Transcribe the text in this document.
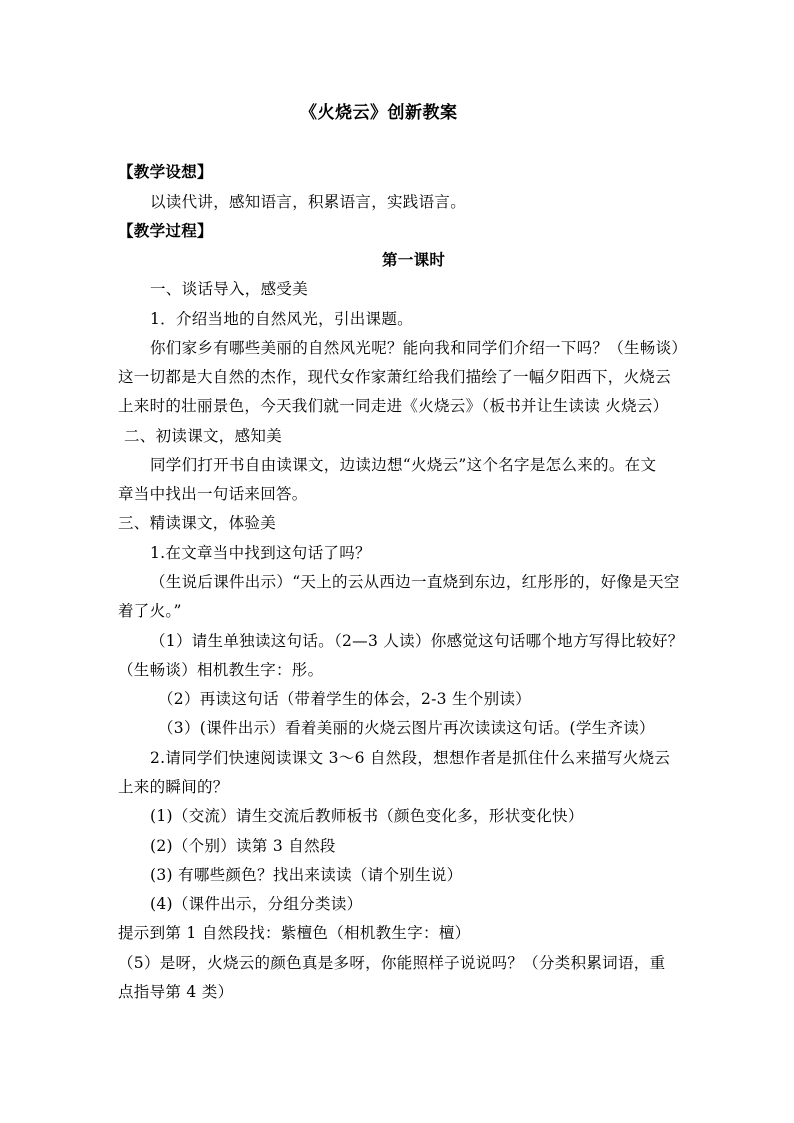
《火烧云》创新教案
【教学设想】
以读代讲，感知语言，积累语言，实践语言。
【教学过程】
第一课时
一、谈话导入，感受美
1．介绍当地的自然风光，引出课题。
你们家乡有哪些美丽的自然风光呢？能向我和同学们介绍一下吗？（生畅谈）
这一切都是大自然的杰作，现代女作家萧红给我们描绘了一幅夕阳西下，火烧云
上来时的壮丽景色，今天我们就一同走进《火烧云》（板书并让生读读 火烧云）
二、初读课文，感知美
同学们打开书自由读课文，边读边想“火烧云”这个名字是怎么来的。在文
章当中找出一句话来回答。
三、精读课文，体验美
1.在文章当中找到这句话了吗？
（生说后课件出示）“天上的云从西边一直烧到东边，红彤彤的，好像是天空
着了火。”
（1）请生单独读这句话。（2—3 人读）你感觉这句话哪个地方写得比较好？
（生畅谈）相机教生字：彤。
（2）再读这句话（带着学生的体会，2-3 生个别读）
（3）(课件出示）看着美丽的火烧云图片再次读读这句话。(学生齐读）
2.请同学们快速阅读课文 3～6 自然段，想想作者是抓住什么来描写火烧云
上来的瞬间的？
(1)（交流）请生交流后教师板书（颜色变化多，形状变化快）
(2)（个别）读第 3 自然段
(3) 有哪些颜色？找出来读读（请个别生说）
(4)（课件出示，分组分类读）
提示到第 1 自然段找：紫檀色（相机教生字：檀）
（5）是呀，火烧云的颜色真是多呀，你能照样子说说吗？（分类积累词语，重
点指导第 4 类）
